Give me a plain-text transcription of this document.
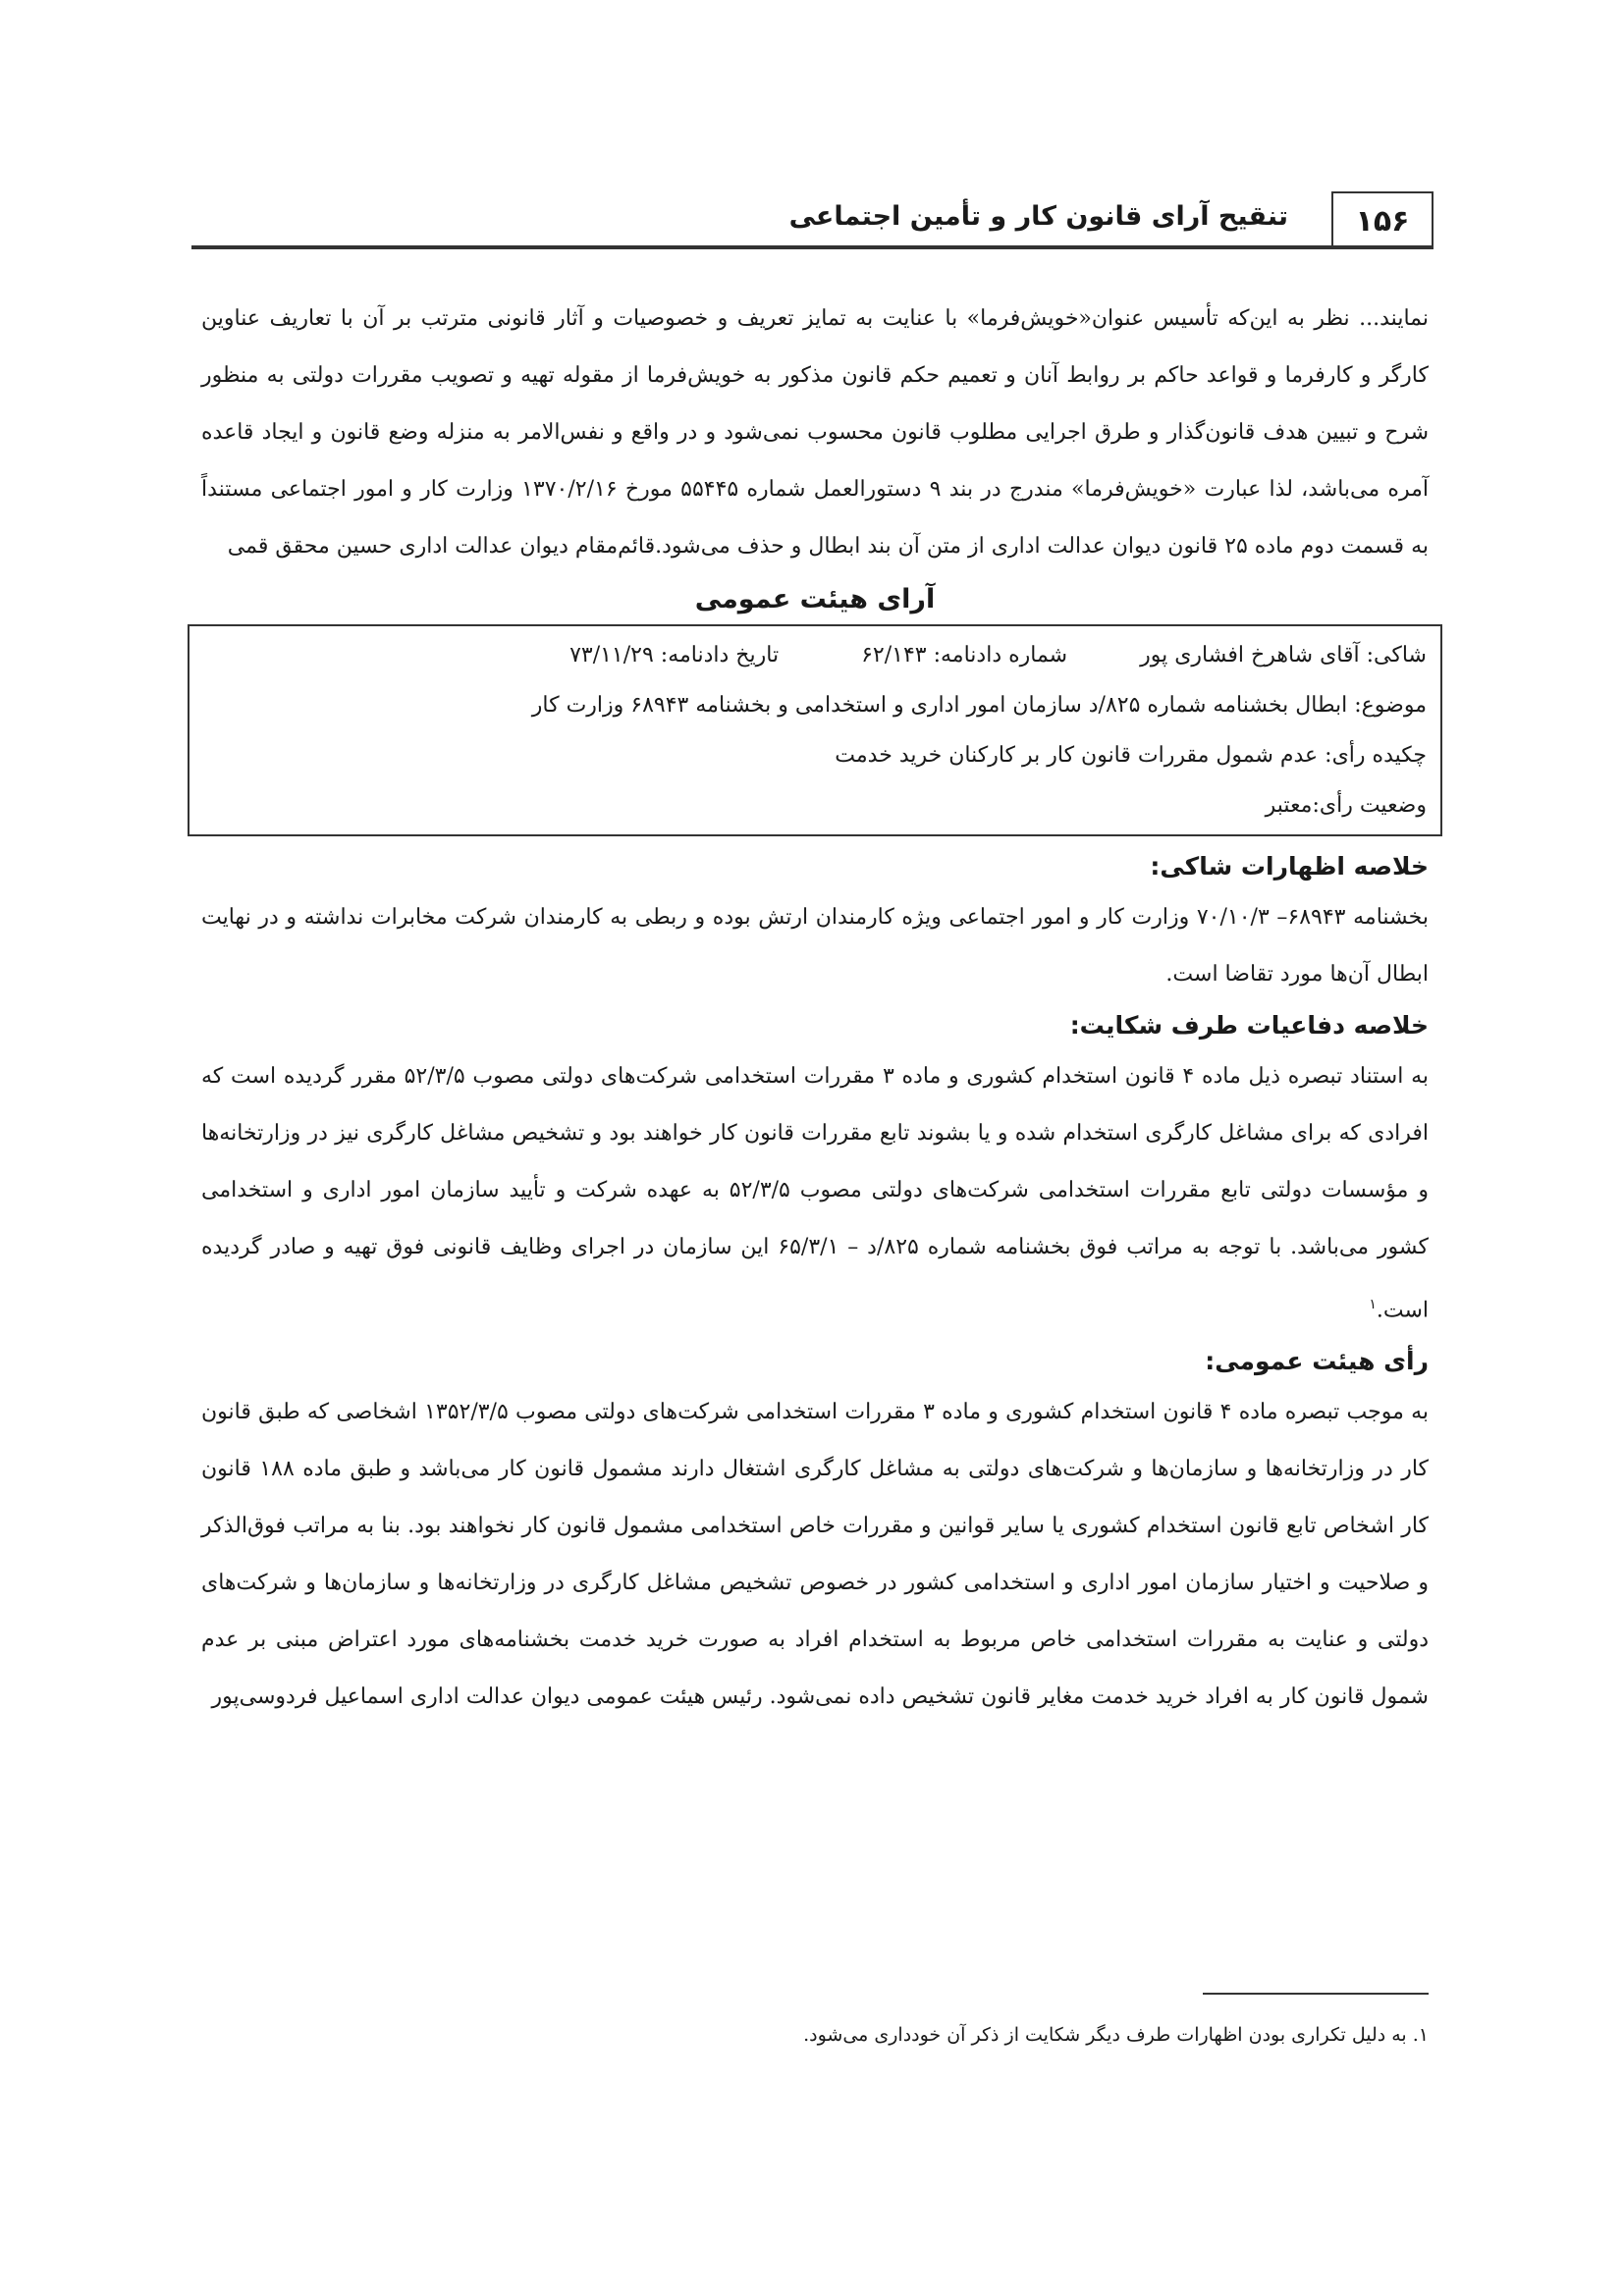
۱۵۶
تنقیح آرای قانون کار و تأمین اجتماعی

نمایند... نظر به این‌که تأسیس عنوان«خویش‌فرما» با عنایت به تمایز تعریف و خصوصیات و آثار قانونی مترتب بر آن با تعاریف عناوین کارگر و کارفرما و قواعد حاکم بر روابط آنان و تعمیم حکم قانون مذکور به خویش‌فرما از مقوله تهیه و تصویب مقررات دولتی به منظور شرح و تبیین هدف قانون‌گذار و طرق اجرایی مطلوب قانون محسوب نمی‌شود و در واقع و نفس‌الامر به منزله وضع قانون و ایجاد قاعده آمره می‌باشد، لذا عبارت «خویش‌فرما» مندرج در بند ۹ دستورالعمل شماره ۵۵۴۴۵ مورخ ۱۳۷۰/۲/۱۶ وزارت کار و امور اجتماعی مستنداً به قسمت دوم ماده ۲۵ قانون دیوان عدالت اداری از متن آن بند ابطال و حذف می‌شود.قائم‌مقام دیوان عدالت اداری حسین محقق قمی

آرای هیئت عمومی

شاکی: آقای شاهرخ افشاری پور  شماره دادنامه: ۶۲/۱۴۳  تاریخ دادنامه: ۷۳/۱۱/۲۹

موضوع: ابطال بخشنامه شماره ۸۲۵/د سازمان امور اداری و استخدامی و بخشنامه ۶۸۹۴۳ وزارت کار

چکیده رأی: عدم شمول مقررات قانون کار بر کارکنان خرید خدمت

وضعیت رأی:معتبر

خلاصه اظهارات شاکی:

بخشنامه ۶۸۹۴۳– ۷۰/۱۰/۳ وزارت کار و امور اجتماعی ویژه کارمندان ارتش بوده و ربطی به کارمندان شرکت مخابرات نداشته و در نهایت ابطال آن‌ها مورد تقاضا است.

خلاصه دفاعیات طرف شکایت:

به استناد تبصره ذیل ماده ۴ قانون استخدام کشوری و ماده ۳ مقررات استخدامی شرکت‌های دولتی مصوب ۵۲/۳/۵ مقرر گردیده است که افرادی که برای مشاغل کارگری استخدام شده و یا بشوند تابع مقررات قانون کار خواهند بود و تشخیص مشاغل کارگری نیز در وزارتخانه‌ها و مؤسسات دولتی تابع مقررات استخدامی شرکت‌های دولتی مصوب ۵۲/۳/۵ به عهده شرکت و تأیید سازمان امور اداری و استخدامی کشور می‌باشد. با توجه به مراتب فوق بخشنامه شماره ۸۲۵/د – ۶۵/۳/۱ این سازمان در اجرای وظایف قانونی فوق تهیه و صادر گردیده است.$^۱$

رأی هیئت عمومی:

به موجب تبصره ماده ۴ قانون استخدام کشوری و ماده ۳ مقررات استخدامی شرکت‌های دولتی مصوب ۱۳۵۲/۳/۵ اشخاصی که طبق قانون کار در وزارتخانه‌ها و سازمان‌ها و شرکت‌های دولتی به مشاغل کارگری اشتغال دارند مشمول قانون کار می‌باشد و طبق ماده ۱۸۸ قانون کار اشخاص تابع قانون استخدام کشوری یا سایر قوانین و مقررات خاص استخدامی مشمول قانون کار نخواهند بود. بنا به مراتب فوق‌الذکر و صلاحیت و اختیار سازمان امور اداری و استخدامی کشور در خصوص تشخیص مشاغل کارگری در وزارتخانه‌ها و سازمان‌ها و شرکت‌های دولتی و عنایت به مقررات استخدامی خاص مربوط به استخدام افراد به صورت خرید خدمت بخشنامه‌های مورد اعتراض مبنی بر عدم شمول قانون کار به افراد خرید خدمت مغایر قانون تشخیص داده نمی‌شود. رئیس هیئت عمومی دیوان عدالت اداری اسماعیل فردوسی‌پور

۱. به دلیل تکراری بودن اظهارات طرف دیگر شکایت از ذکر آن خودداری می‌شود.
